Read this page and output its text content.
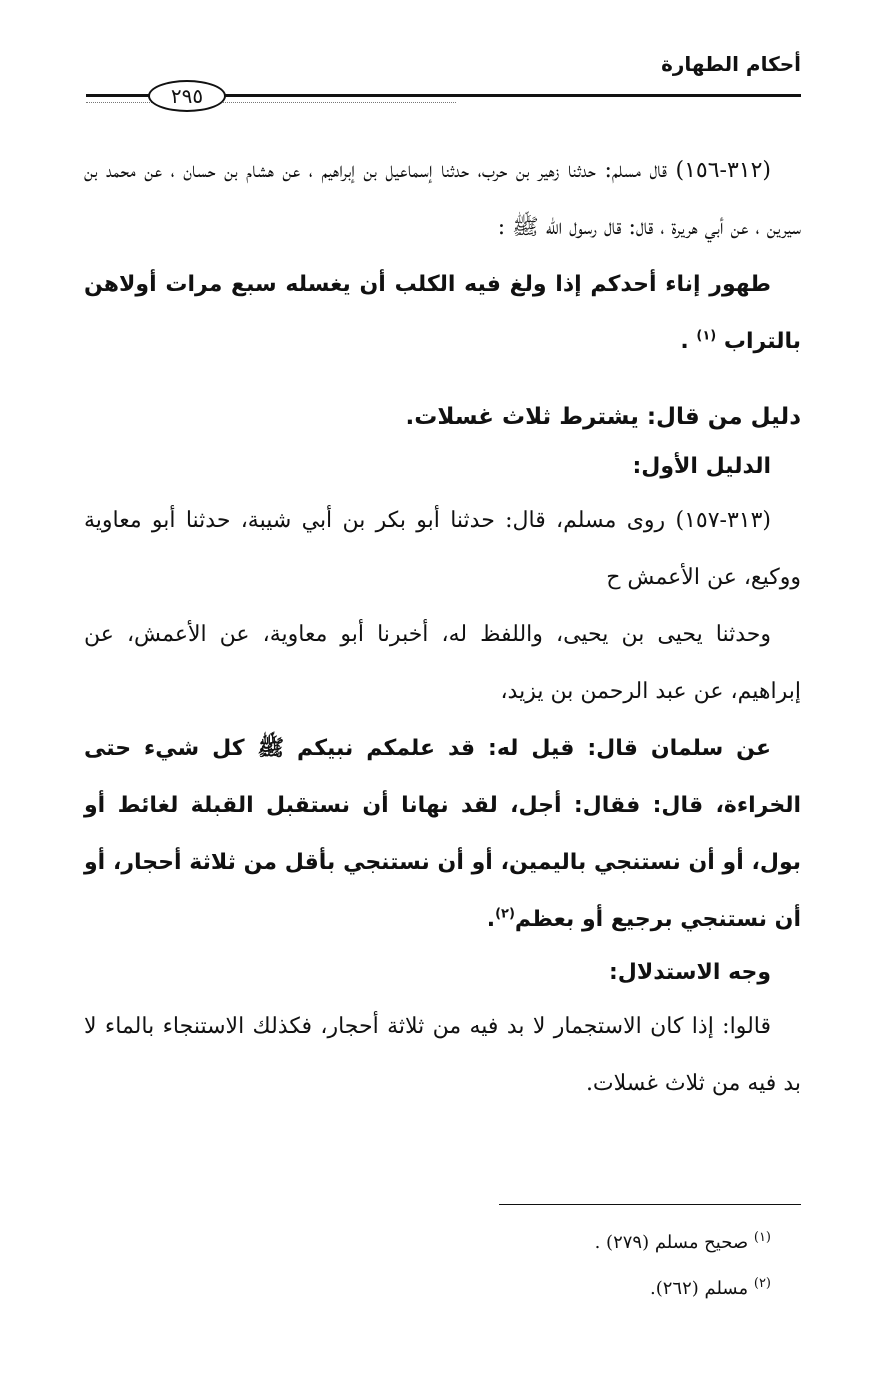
أحكام الطهارة
٢٩٥

(٣١٢-١٥٦) قال مسلم: حدثنا زهير بن حرب، حدثنا إسماعيل بن إبراهيم ، عن هشام بن حسان ، عن محمد بن سيرين ، عن أبي هريرة ، قال: قال رسول الله ﷺ :

طهور إناء أحدكم إذا ولغ فيه الكلب أن يغسله سبع مرات أولاهن بالتراب $^{(١)}$ .

دليل من قال: يشترط ثلاث غسلات.
الدليل الأول:

(٣١٣-١٥٧) روى مسلم، قال: حدثنا أبو بكر بن أبي شيبة، حدثنا أبو معاوية ووكيع، عن الأعمش ح

وحدثنا يحيى بن يحيى، واللفظ له، أخبرنا أبو معاوية، عن الأعمش، عن إبراهيم، عن عبد الرحمن بن يزيد،

عن سلمان قال: قيل له: قد علمكم نبيكم ﷺ كل شيء حتى الخراءة، قال: فقال: أجل، لقد نهانا أن نستقبل القبلة لغائط أو بول، أو أن نستنجي باليمين، أو أن نستنجي بأقل من ثلاثة أحجار، أو أن نستنجي برجيع أو بعظم$^{(٢)}$.

وجه الاستدلال:

قالوا: إذا كان الاستجمار لا بد فيه من ثلاثة أحجار، فكذلك الاستنجاء بالماء لا بد فيه من ثلاث غسلات.

$^{(١)}$ صحيح مسلم (٢٧٩) .

$^{(٢)}$ مسلم (٢٦٢).
